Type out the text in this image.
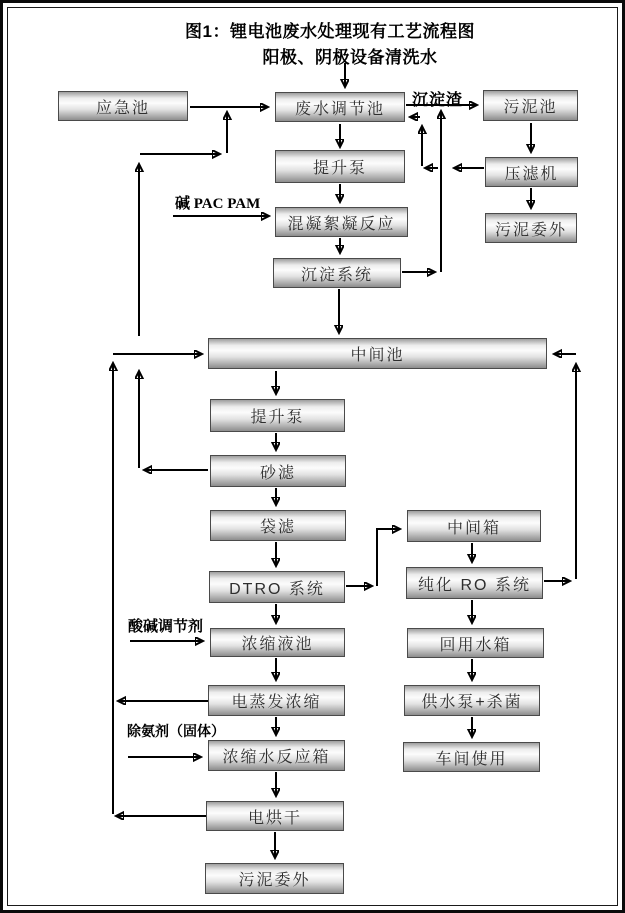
图1：锂电池废水处理现有工艺流程图
阳极、阴极设备清洗水
应急池	废水调节池	污泥池
提升泵	压滤机
混凝絮凝反应	污泥委外
沉淀系统
中间池
提升泵
砂滤
袋滤
DTRO 系统
浓缩液池
电蒸发浓缩
浓缩水反应箱
电烘干
污泥委外
中间箱
纯化 RO 系统
回用水箱
供水泵+杀菌
车间使用
沉淀渣
碱 PAC PAM
酸碱调节剂
除氨剂（固体）
